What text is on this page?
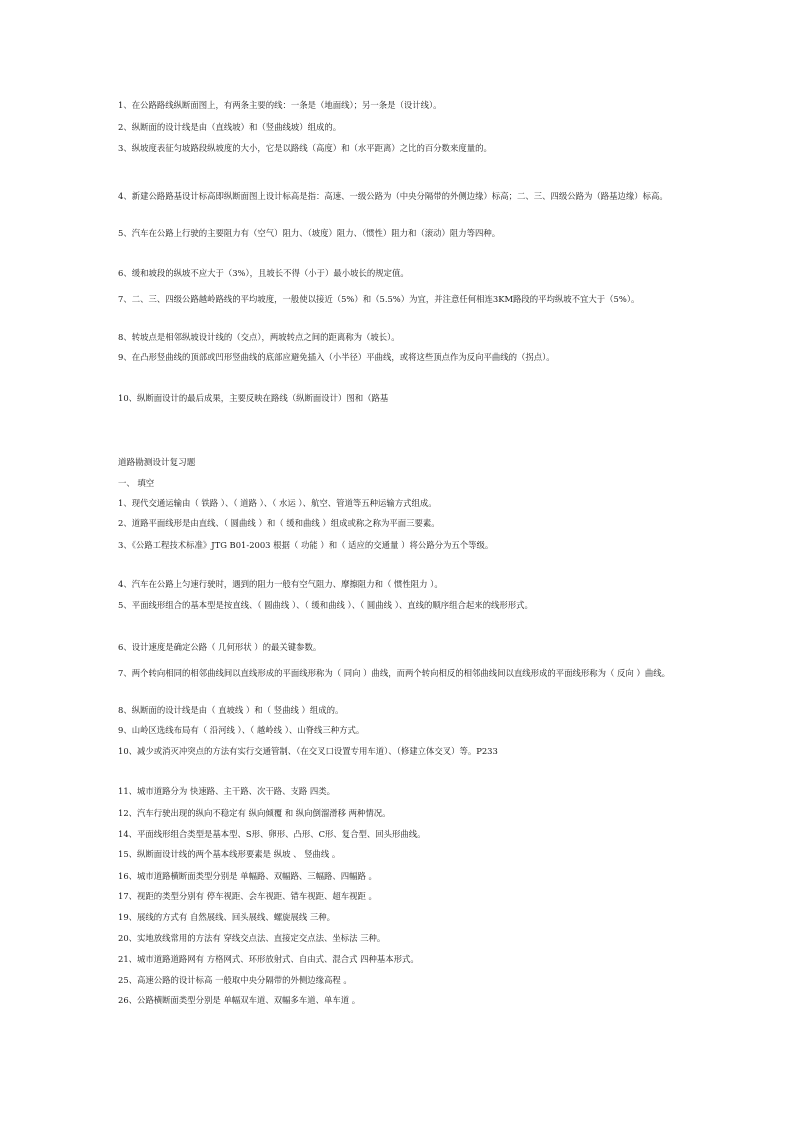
1、在公路路线纵断面图上，有两条主要的线：一条是（地面线）；另一条是（设计线）。
2、纵断面的设计线是由（直线坡）和（竖曲线坡）组成的。
3、纵坡度表征匀坡路段纵坡度的大小，它是以路线（高度）和（水平距离）之比的百分数来度量的。
4、新建公路路基设计标高即纵断面图上设计标高是指：高速、一级公路为（中央分隔带的外侧边缘）标高；二、三、四级公路为（路基边缘）标高。
5、汽车在公路上行驶的主要阻力有（空气）阻力、（坡度）阻力、（惯性）阻力和（滚动）阻力等四种。
6、缓和坡段的纵坡不应大于（3%），且坡长不得（小于）最小坡长的规定值。
7、二、三、四级公路越岭路线的平均坡度，一般使以接近（5%）和（5.5%）为宜，并注意任何相连3KM路段的平均纵坡不宜大于（5%）。
8、转坡点是相邻纵坡设计线的（交点），两坡转点之间的距离称为（坡长）。
9、在凸形竖曲线的顶部或凹形竖曲线的底部应避免插入（小半径）平曲线，或将这些顶点作为反向平曲线的（拐点）。
10、纵断面设计的最后成果，主要反映在路线（纵断面设计）图和（路基
道路勘测设计复习题
一、 填空
1、现代交通运输由（ 铁路 ）、（ 道路 ）、（ 水运 ）、航空、管道等五种运输方式组成。
2、道路平面线形是由直线、（ 圆曲线 ）和（ 缓和曲线 ）组成或称之称为平面三要素。
3、《公路工程技术标准》JTG B01-2003 根据（ 功能 ）和（ 适应的交通量 ）将公路分为五个等级。
4、汽车在公路上匀速行驶时，遇到的阻力一般有空气阻力、摩擦阻力和（ 惯性阻力 ）。
5、平面线形组合的基本型是按直线、（ 圆曲线 ）、（ 缓和曲线 ）、（ 圆曲线 ）、直线的顺序组合起来的线形形式。
6、设计速度是确定公路（ 几何形状 ）的最关键参数。
7、两个转向相同的相邻曲线间以直线形成的平面线形称为（ 同向 ）曲线，而两个转向相反的相邻曲线间以直线形成的平面线形称为（ 反向 ）曲线。
8、纵断面的设计线是由（ 直坡线 ）和（ 竖曲线 ）组成的。
9、山岭区选线布局有（ 沿河线 ）、（ 越岭线 ）、山脊线三种方式。
10、减少或消灭冲突点的方法有实行交通管制、（在交叉口设置专用车道）、（修建立体交叉）等。P233
11、城市道路分为 快速路、主干路、次干路、支路 四类。
12、汽车行驶出现的纵向不稳定有 纵向倾覆 和 纵向倒溜滑移 两种情况。
14、平面线形组合类型是基本型、S形、卵形、凸形、C形、复合型、回头形曲线。
15、纵断面设计线的两个基本线形要素是 纵坡 、 竖曲线 。
16、城市道路横断面类型分别是 单幅路、双幅路、三幅路、四幅路 。
17、视距的类型分别有 停车视距、会车视距、错车视距、超车视距 。
19、展线的方式有 自然展线、回头展线、螺旋展线 三种。
20、实地放线常用的方法有 穿线交点法、直接定交点法、坐标法 三种。
21、城市道路道路网有 方格网式、环形放射式、自由式、混合式 四种基本形式。
25、高速公路的设计标高 一般取中央分隔带的外侧边缘高程 。
26、公路横断面类型分别是 单幅双车道、双幅多车道、单车道 。
